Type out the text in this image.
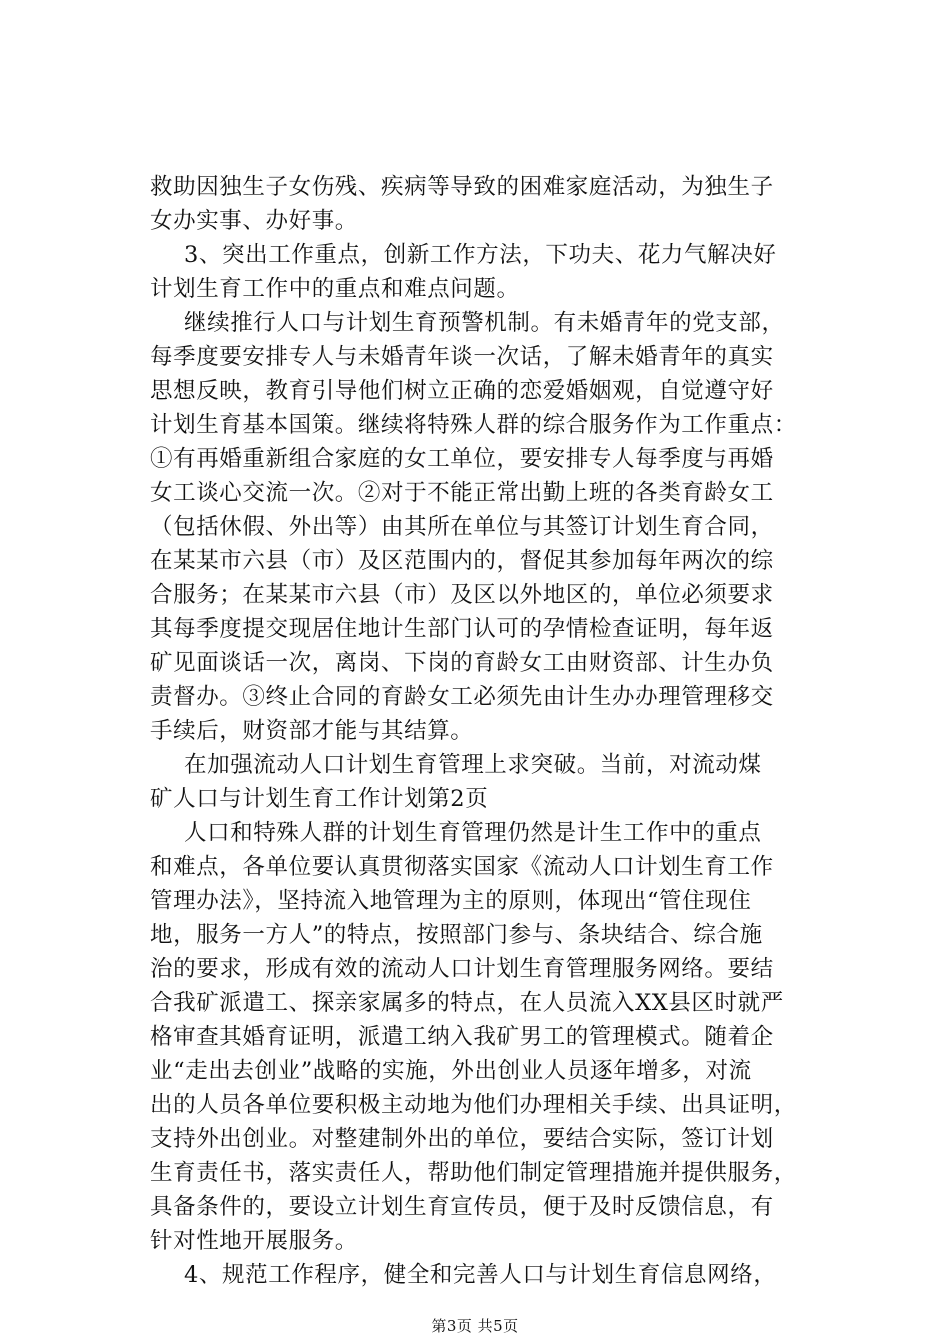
救助因独生子女伤残、疾病等导致的困难家庭活动，为独生子
女办实事、办好事。
3、突出工作重点，创新工作方法，下功夫、花力气解决好
计划生育工作中的重点和难点问题。
继续推行人口与计划生育预警机制。有未婚青年的党支部，
每季度要安排专人与未婚青年谈一次话，了解未婚青年的真实
思想反映，教育引导他们树立正确的恋爱婚姻观，自觉遵守好
计划生育基本国策。继续将特殊人群的综合服务作为工作重点：
①有再婚重新组合家庭的女工单位，要安排专人每季度与再婚
女工谈心交流一次。②对于不能正常出勤上班的各类育龄女工
（包括休假、外出等）由其所在单位与其签订计划生育合同，
在某某市六县（市）及区范围内的，督促其参加每年两次的综
合服务；在某某市六县（市）及区以外地区的，单位必须要求
其每季度提交现居住地计生部门认可的孕情检查证明，每年返
矿见面谈话一次，离岗、下岗的育龄女工由财资部、计生办负
责督办。③终止合同的育龄女工必须先由计生办办理管理移交
手续后，财资部才能与其结算。
在加强流动人口计划生育管理上求突破。当前，对流动煤
矿人口与计划生育工作计划第2页
人口和特殊人群的计划生育管理仍然是计生工作中的重点
和难点，各单位要认真贯彻落实国家《流动人口计划生育工作
管理办法》，坚持流入地管理为主的原则，体现出“管住现住
地，服务一方人”的特点，按照部门参与、条块结合、综合施
治的要求，形成有效的流动人口计划生育管理服务网络。要结
合我矿派遣工、探亲家属多的特点，在人员流入XX县区时就严
格审查其婚育证明，派遣工纳入我矿男工的管理模式。随着企
业“走出去创业”战略的实施，外出创业人员逐年增多，对流
出的人员各单位要积极主动地为他们办理相关手续、出具证明，
支持外出创业。对整建制外出的单位，要结合实际，签订计划
生育责任书，落实责任人，帮助他们制定管理措施并提供服务，
具备条件的，要设立计划生育宣传员，便于及时反馈信息，有
针对性地开展服务。
4、规范工作程序，健全和完善人口与计划生育信息网络，
第3页 共5页
